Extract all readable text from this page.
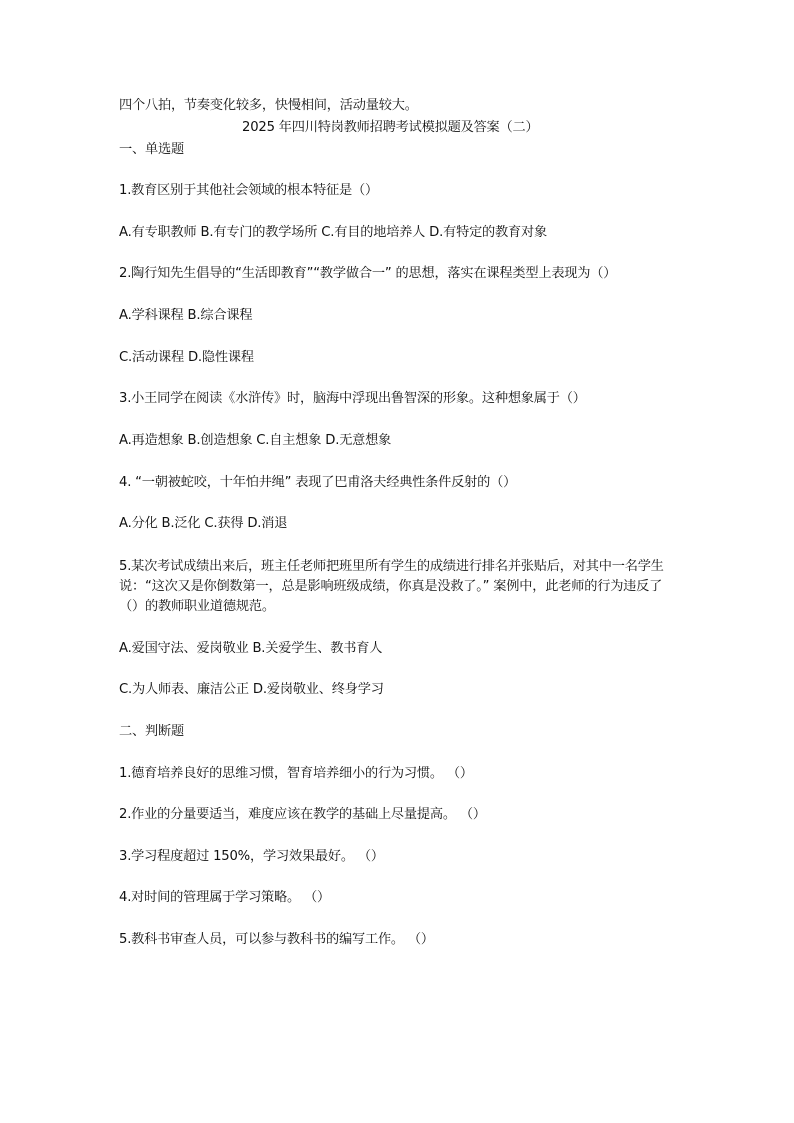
四个八拍，节奏变化较多，快慢相间，活动量较大。
2025 年四川特岗教师招聘考试模拟题及答案（二）
一、单选题
1.教育区别于其他社会领域的根本特征是（）
A.有专职教师 B.有专门的教学场所 C.有目的地培养人 D.有特定的教育对象
2.陶行知先生倡导的“生活即教育”“教学做合一” 的思想，落实在课程类型上表现为（）
A.学科课程 B.综合课程
C.活动课程 D.隐性课程
3.小王同学在阅读《水浒传》时，脑海中浮现出鲁智深的形象。这种想象属于（）
A.再造想象 B.创造想象 C.自主想象 D.无意想象
4. “一朝被蛇咬，十年怕井绳” 表现了巴甫洛夫经典性条件反射的（）
A.分化 B.泛化 C.获得 D.消退
5.某次考试成绩出来后，班主任老师把班里所有学生的成绩进行排名并张贴后，对其中一名学生说：“这次又是你倒数第一，总是影响班级成绩，你真是没救了。” 案例中，此老师的行为违反了（）的教师职业道德规范。
A.爱国守法、爱岗敬业 B.关爱学生、教书育人
C.为人师表、廉洁公正 D.爱岗敬业、终身学习
二、判断题
1.德育培养良好的思维习惯，智育培养细小的行为习惯。 （）
2.作业的分量要适当，难度应该在教学的基础上尽量提高。 （）
3.学习程度超过 150%，学习效果最好。 （）
4.对时间的管理属于学习策略。 （）
5.教科书审查人员，可以参与教科书的编写工作。 （）
